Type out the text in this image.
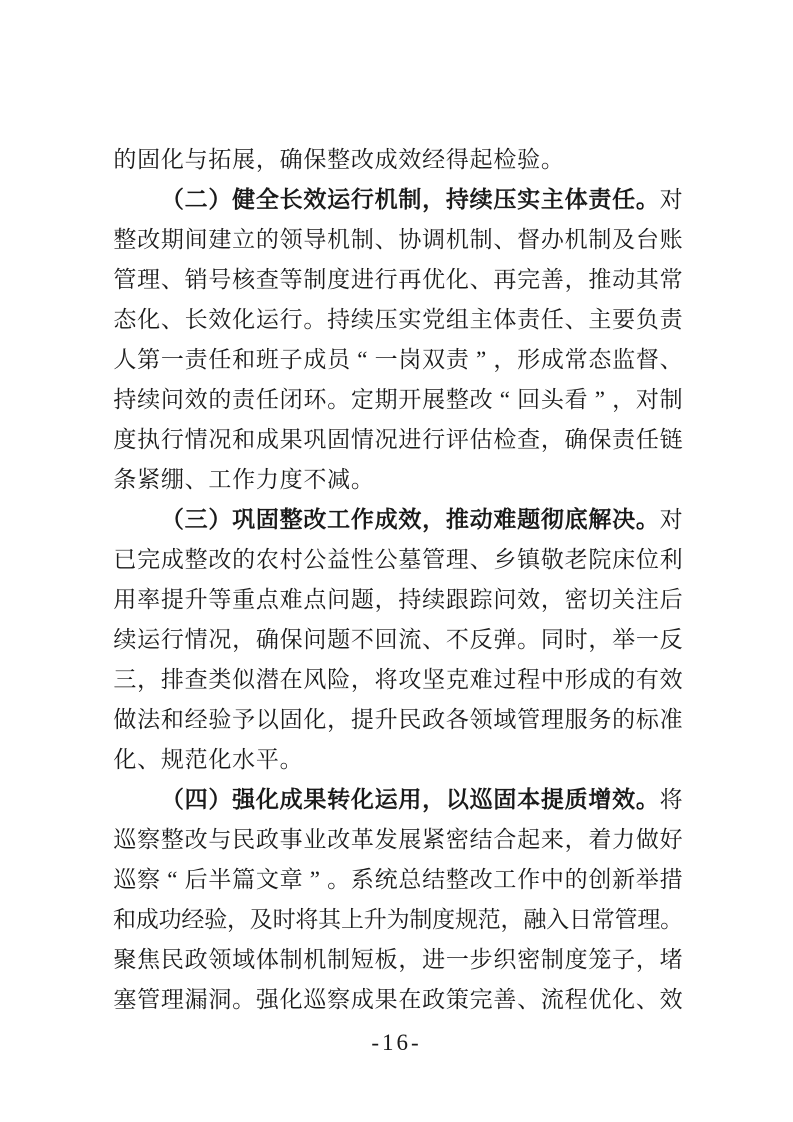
的 固 化 与 拓 展 ， 确 保 整 改 成 效 经 得 起 检 验 。

（ 二 ） 健 全 长 效 运 行 机 制 ， 持 续 压 实 主 体 责 任 。 对
整 改 期 间 建 立 的 领 导 机 制 、 协 调 机 制 、 督 办 机 制 及 台 账
管 理 、 销 号 核 查 等 制 度 进 行 再 优 化 、 再 完 善 ， 推 动 其 常
态 化 、 长 效 化 运 行 。 持 续 压 实 党 组 主 体 责 任 、 主 要 负 责
人 第 一 责 任 和 班 子 成 员 “ 一 岗 双 责 ” ， 形 成 常 态 监 督 、
持 续 问 效 的 责 任 闭 环 。 定 期 开 展 整 改 “ 回 头 看 ” ， 对 制
度 执 行 情 况 和 成 果 巩 固 情 况 进 行 评 估 检 查 ， 确 保 责 任 链
条 紧 绷 、 工 作 力 度 不 减 。

（ 三 ） 巩 固 整 改 工 作 成 效 ， 推 动 难 题 彻 底 解 决 。 对
已 完 成 整 改 的 农 村 公 益 性 公 墓 管 理 、 乡 镇 敬 老 院 床 位 利
用 率 提 升 等 重 点 难 点 问 题 ， 持 续 跟 踪 问 效 ， 密 切 关 注 后
续 运 行 情 况 ， 确 保 问 题 不 回 流 、 不 反 弹 。 同 时 ， 举 一 反
三 ， 排 查 类 似 潜 在 风 险 ， 将 攻 坚 克 难 过 程 中 形 成 的 有 效
做 法 和 经 验 予 以 固 化 ， 提 升 民 政 各 领 域 管 理 服 务 的 标 准
化 、 规 范 化 水 平 。

（ 四 ） 强 化 成 果 转 化 运 用 ， 以 巡 固 本 提 质 增 效 。 将
巡 察 整 改 与 民 政 事 业 改 革 发 展 紧 密 结 合 起 来 ， 着 力 做 好
巡 察 “ 后 半 篇 文 章 ” 。 系 统 总 结 整 改 工 作 中 的 创 新 举 措
和 成 功 经 验 ， 及 时 将 其 上 升 为 制 度 规 范 ， 融 入 日 常 管 理 。
聚 焦 民 政 领 域 体 制 机 制 短 板 ， 进 一 步 织 密 制 度 笼 子 ， 堵
塞 管 理 漏 洞 。 强 化 巡 察 成 果 在 政 策 完 善 、 流 程 优 化 、 效
-16-
